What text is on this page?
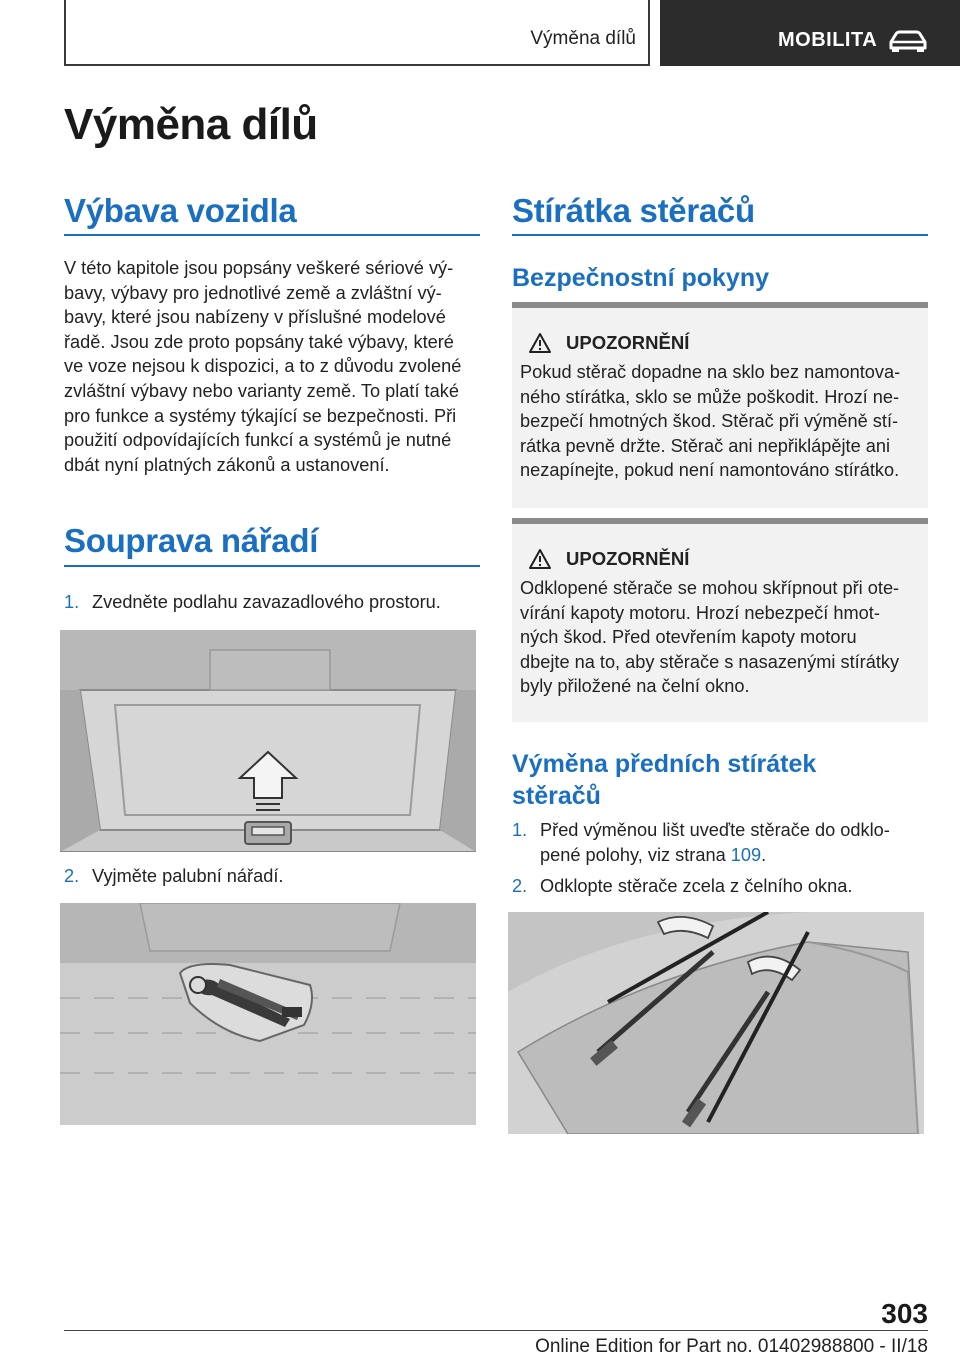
Výměna dílů	MOBILITA
Výměna dílů
Výbava vozidla
V této kapitole jsou popsány veškeré sériové vý‐
bavy, výbavy pro jednotlivé země a zvláštní vý‐
bavy, které jsou nabízeny v příslušné modelové
řadě. Jsou zde proto popsány také výbavy, které
ve voze nejsou k dispozici, a to z důvodu zvolené
zvláštní výbavy nebo varianty země. To platí také
pro funkce a systémy týkající se bezpečnosti. Při
použití odpovídajících funkcí a systémů je nutné
dbát nyní platných zákonů a ustanovení.
Souprava nářadí
1. Zvedněte podlahu zavazadlového prostoru.
2. Vyjměte palubní nářadí.
Stírátka stěračů
Bezpečnostní pokyny
UPOZORNĚNÍ
Pokud stěrač dopadne na sklo bez namontova‐
ného stírátka, sklo se může poškodit. Hrozí ne‐
bezpečí hmotných škod. Stěrač při výměně stí‐
rátka pevně držte. Stěrač ani nepřiklápějte ani
nezapínejte, pokud není namontováno stírátko.
UPOZORNĚNÍ
Odklopené stěrače se mohou skřípnout při ote‐
vírání kapoty motoru. Hrozí nebezpečí hmot‐
ných škod. Před otevřením kapoty motoru
dbejte na to, aby stěrače s nasazenými stírátky
byly přiložené na čelní okno.
Výměna předních stírátek
stěračů
1. Před výměnou lišt uveďte stěrače do odklo‐
pené polohy, viz strana 109.
2. Odklopte stěrače zcela z čelního okna.
303
Online Edition for Part no. 01402988800 - II/18
